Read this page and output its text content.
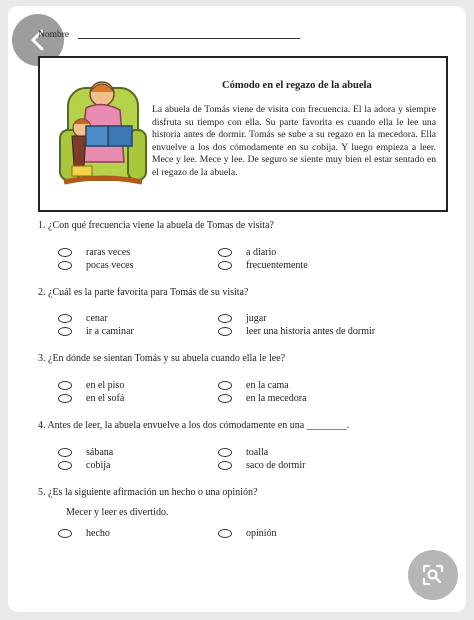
Nombre
Cómodo en el regazo de la abuela
La abuela de Tomás viene de visita con frecuencia. El la adora y siempre disfruta su tiempo con ella. Su parte favorita es cuando ella le lee una historia antes de dormir. Tomás se sube a su regazo en la mecedora. Ella envuelve a los dos cómodamente en su cobija. Y luego empieza a leer. Mece y lee. Mece y lee. De seguro se siente muy bien el estar sentado en el regazo de la abuela.
1. ¿Con qué frecuencia viene la abuela de Tomas de visita?
raras veces	a diario
pocas veces	frecuentemente
2. ¿Cuál es la parte favorita para Tomás de su visita?
cenar	jugar
ir a caminar	leer una historia antes de dormir
3. ¿En dónde se sientan Tomás y su abuela cuando ella le lee?
en el piso	en la cama
en el sofá	en la mecedora
4. Antes de leer, la abuela envuelve a los dos cómodamente en una ________.
sábana	toalla
cobija	saco de dormir
5. ¿Es la siguiente afirmación un hecho o una opinión?
Mecer y leer es divertido.
hecho	opinión
